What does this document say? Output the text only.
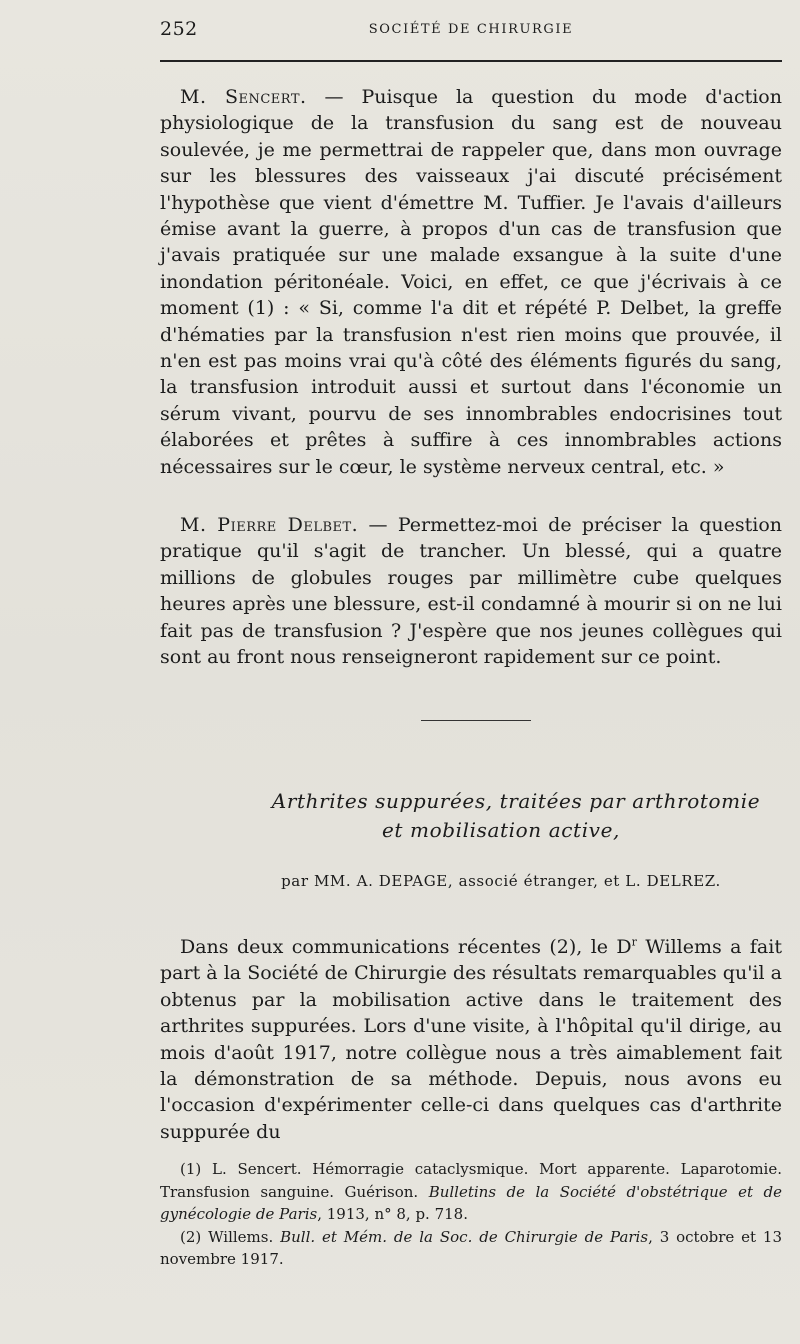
252	SOCIÉTÉ DE CHIRURGIE

M. Sencert. — Puisque la question du mode d'action physiologique de la transfusion du sang est de nouveau soulevée, je me permettrai de rappeler que, dans mon ouvrage sur les blessures des vaisseaux j'ai discuté précisément l'hypothèse que vient d'émettre M. Tuffier. Je l'avais d'ailleurs émise avant la guerre, à propos d'un cas de transfusion que j'avais pratiquée sur une malade exsangue à la suite d'une inondation péritonéale. Voici, en effet, ce que j'écrivais à ce moment (1) : « Si, comme l'a dit et répété P. Delbet, la greffe d'hématies par la transfusion n'est rien moins que prouvée, il n'en est pas moins vrai qu'à côté des éléments figurés du sang, la transfusion introduit aussi et surtout dans l'économie un sérum vivant, pourvu de ses innombrables endocrisines tout élaborées et prêtes à suffire à ces innombrables actions nécessaires sur le cœur, le système nerveux central, etc. »

M. Pierre Delbet. — Permettez-moi de préciser la question pratique qu'il s'agit de trancher. Un blessé, qui a quatre millions de globules rouges par millimètre cube quelques heures après une blessure, est-il condamné à mourir si on ne lui fait pas de transfusion ? J'espère que nos jeunes collègues qui sont au front nous renseigneront rapidement sur ce point.

Arthrites suppurées, traitées par arthrotomie
et mobilisation active,
par MM. A. DEPAGE, associé étranger, et L. DELREZ.

Dans deux communications récentes (2), le $D^r$ Willems a fait part à la Société de Chirurgie des résultats remarquables qu'il a obtenus par la mobilisation active dans le traitement des arthrites suppurées. Lors d'une visite, à l'hôpital qu'il dirige, au mois d'août 1917, notre collègue nous a très aimablement fait la démonstration de sa méthode. Depuis, nous avons eu l'occasion d'expérimenter celle-ci dans quelques cas d'arthrite suppurée du

(1) L. Sencert. Hémorragie cataclysmique. Mort apparente. Laparotomie. Transfusion sanguine. Guérison. Bulletins de la Société d'obstétrique et de gynécologie de Paris, 1913, n° 8, p. 718.

(2) Willems. Bull. et Mém. de la Soc. de Chirurgie de Paris, 3 octobre et 13 novembre 1917.
